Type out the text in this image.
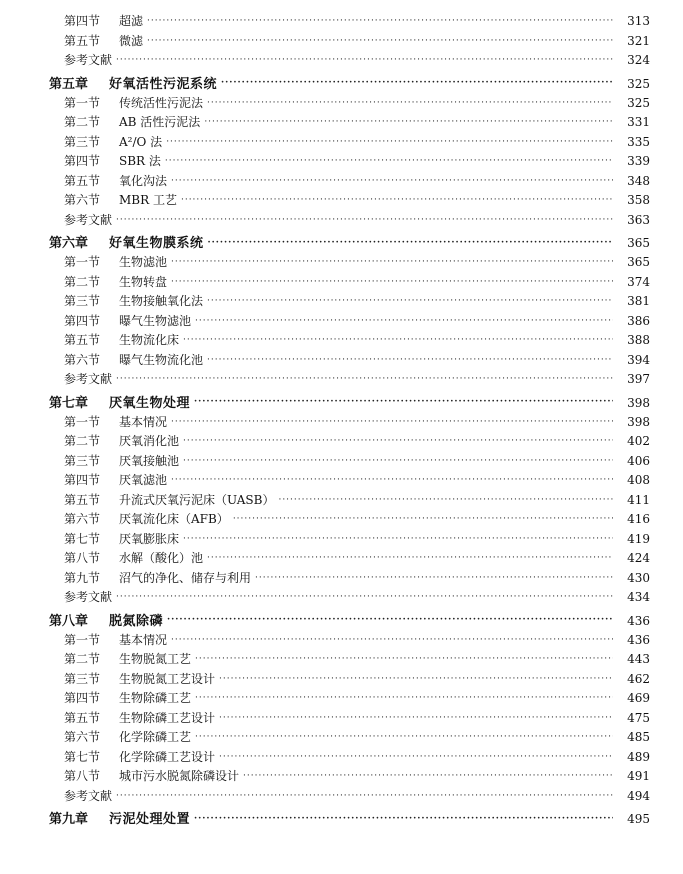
第四节	超滤 ·····	313
第五节	微滤 ·····	321
参考文献 ·····	324
第五章	好氧活性污泥系统 ·····	325
第一节	传统活性污泥法 ·····	325
第二节	AB 活性污泥法 ·····	331
第三节	A²/O 法 ·····	335
第四节	SBR 法 ·····	339
第五节	氧化沟法 ·····	348
第六节	MBR 工艺 ·····	358
参考文献 ·····	363
第六章	好氧生物膜系统 ·····	365
第一节	生物滤池 ·····	365
第二节	生物转盘 ·····	374
第三节	生物接触氧化法 ·····	381
第四节	曝气生物滤池 ·····	386
第五节	生物流化床 ·····	388
第六节	曝气生物流化池 ·····	394
参考文献 ·····	397
第七章	厌氧生物处理 ·····	398
第一节	基本情况 ·····	398
第二节	厌氧消化池 ·····	402
第三节	厌氧接触池 ·····	406
第四节	厌氧滤池 ·····	408
第五节	升流式厌氧污泥床（UASB） ·····	411
第六节	厌氧流化床（AFB） ·····	416
第七节	厌氧膨胀床 ·····	419
第八节	水解（酸化）池 ·····	424
第九节	沼气的净化、储存与利用 ·····	430
参考文献 ·····	434
第八章	脱氮除磷 ·····	436
第一节	基本情况 ·····	436
第二节	生物脱氮工艺 ·····	443
第三节	生物脱氮工艺设计 ·····	462
第四节	生物除磷工艺 ·····	469
第五节	生物除磷工艺设计 ·····	475
第六节	化学除磷工艺 ·····	485
第七节	化学除磷工艺设计 ·····	489
第八节	城市污水脱氮除磷设计 ·····	491
参考文献 ·····	494
第九章	污泥处理处置 ·····	495
